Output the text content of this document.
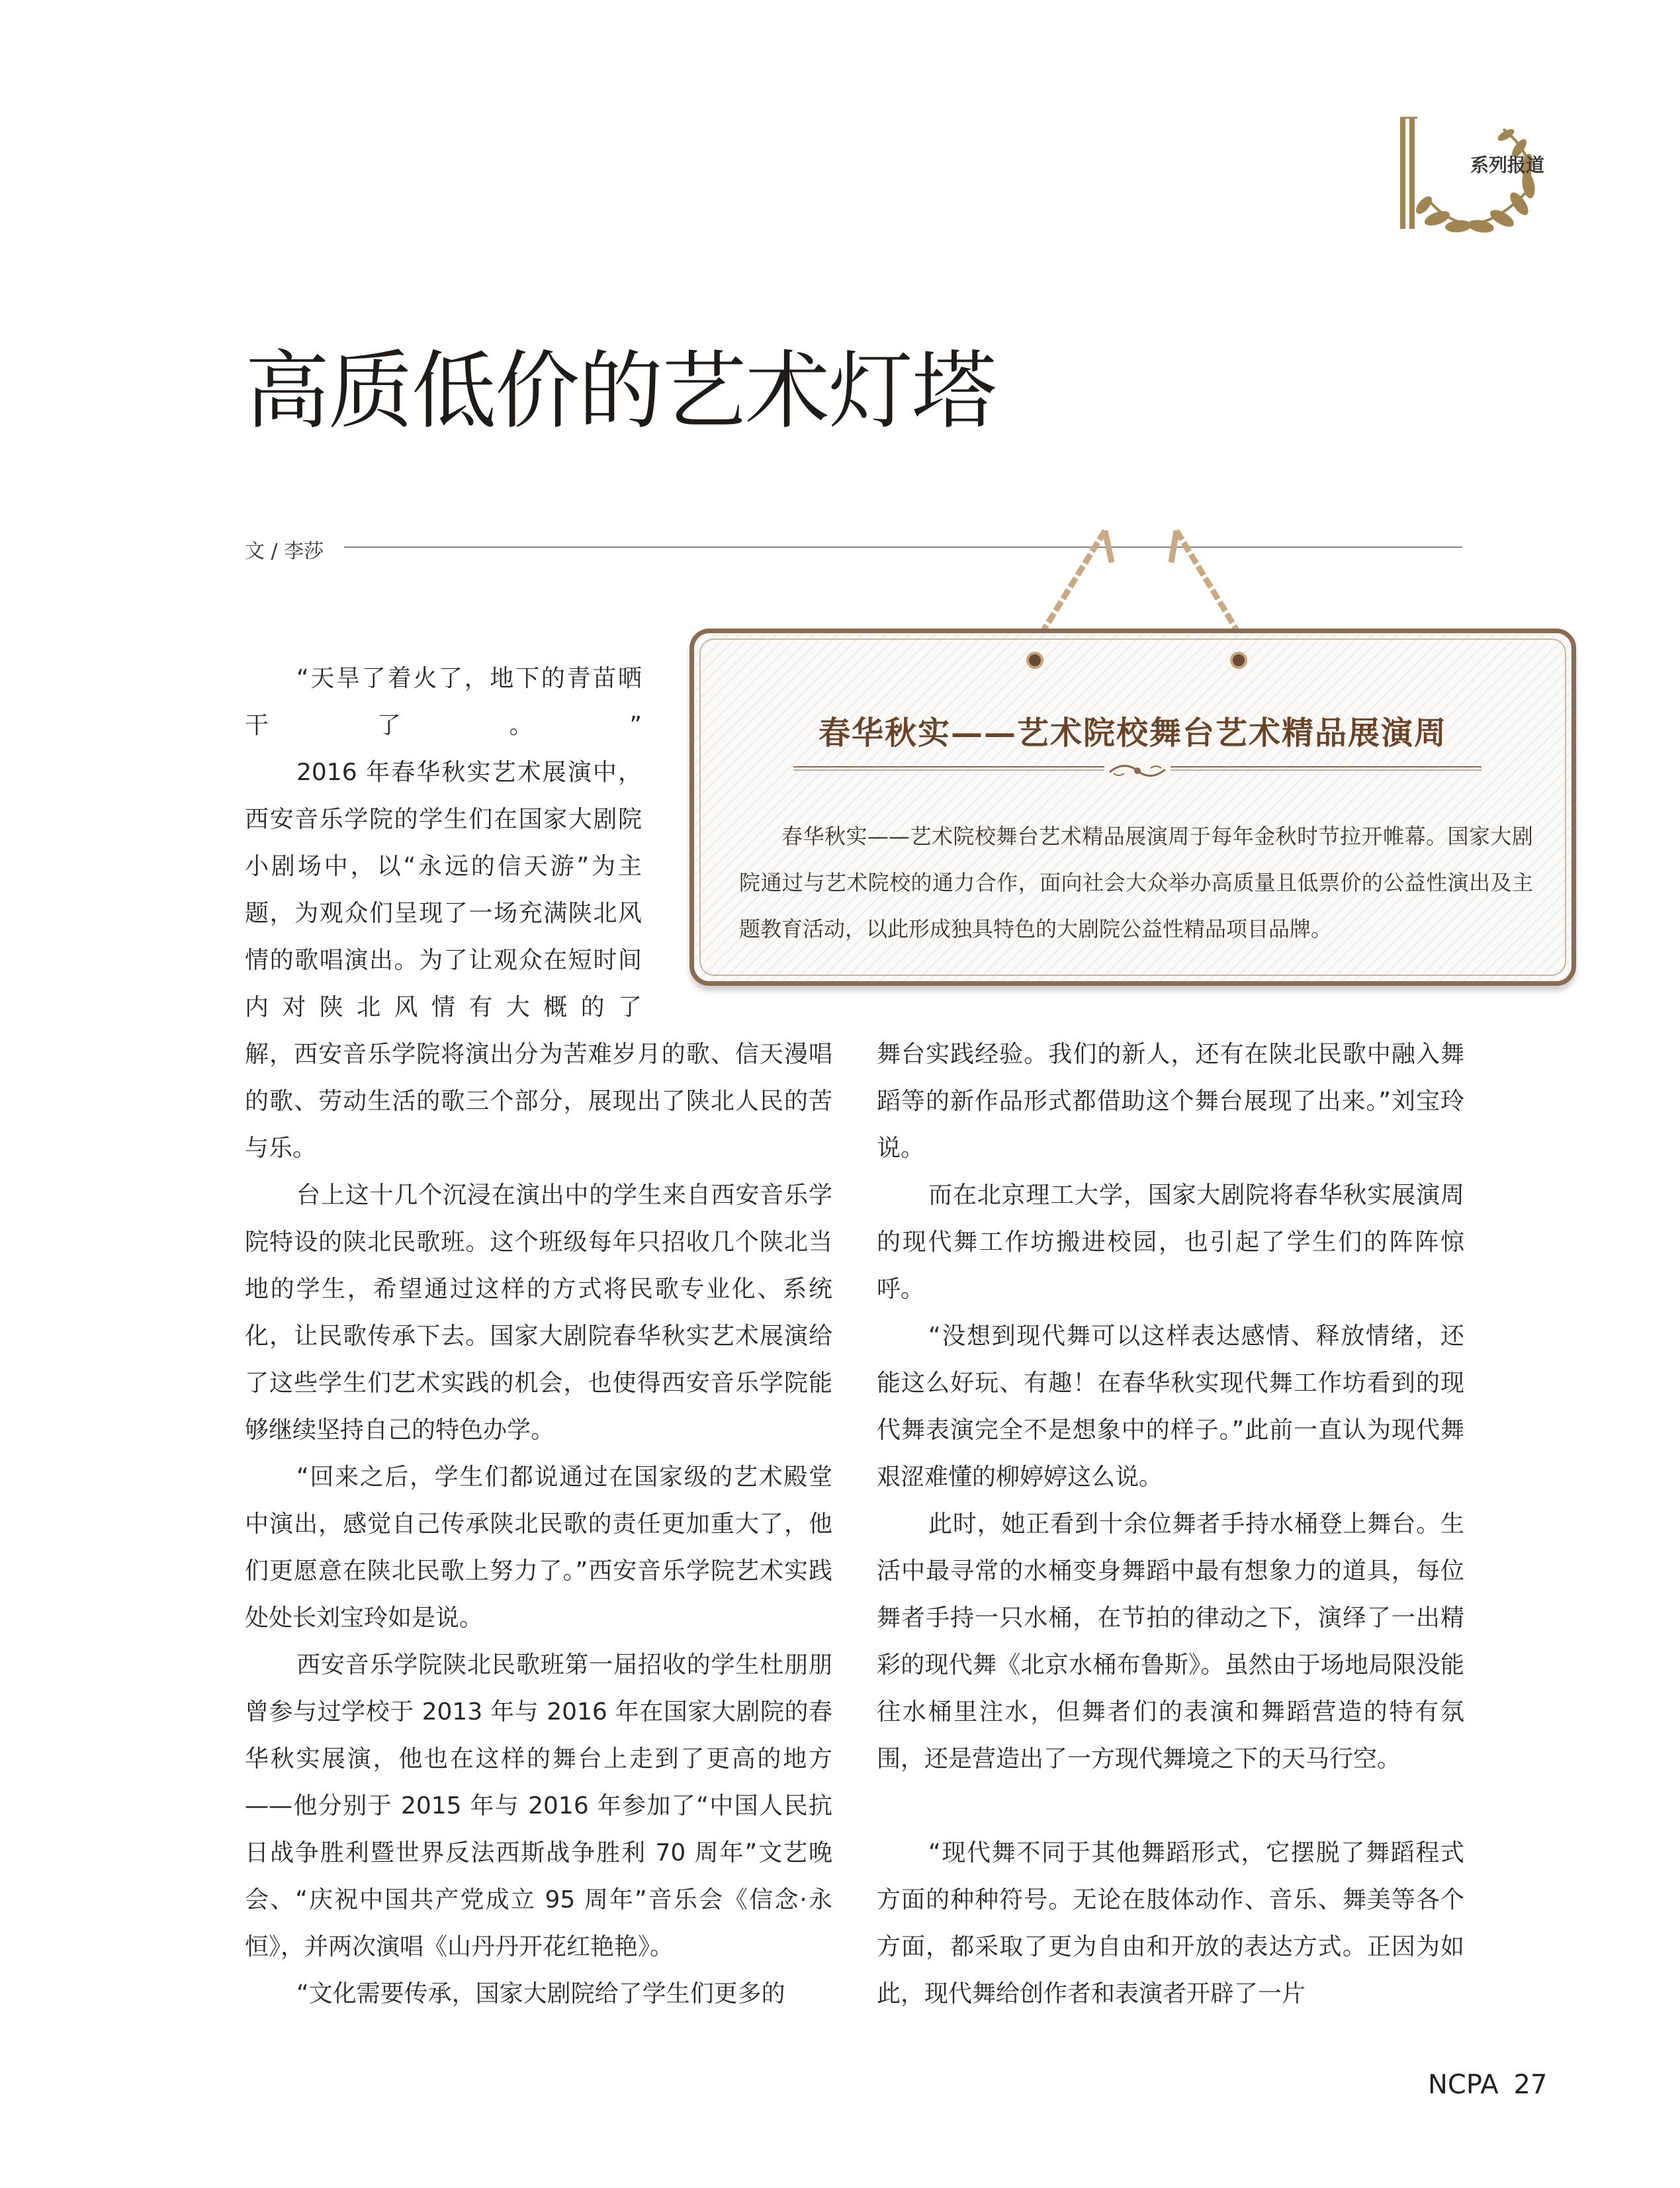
系列报道
高质低价的艺术灯塔
文 / 李莎
春华秋实——艺术院校舞台艺术精品展演周

春华秋实——艺术院校舞台艺术精品展演周于每年金秋时节拉开帷幕。国家大剧院通过与艺术院校的通力合作，面向社会大众举办高质量且低票价的公益性演出及主题教育活动，以此形成独具特色的大剧院公益性精品项目品牌。

“天旱了着火了，地下的青苗晒干了。”

2016 年春华秋实艺术展演中，西安音乐学院的学生们在国家大剧院小剧场中，以“永远的信天游”为主题，为观众们呈现了一场充满陕北风情的歌唱演出。为了让观众在短时间内对陕北风情有大概的了

解，西安音乐学院将演出分为苦难岁月的歌、信天漫唱的歌、劳动生活的歌三个部分，展现出了陕北人民的苦与乐。

台上这十几个沉浸在演出中的学生来自西安音乐学院特设的陕北民歌班。这个班级每年只招收几个陕北当地的学生，希望通过这样的方式将民歌专业化、系统化，让民歌传承下去。国家大剧院春华秋实艺术展演给了这些学生们艺术实践的机会，也使得西安音乐学院能够继续坚持自己的特色办学。

“回来之后，学生们都说通过在国家级的艺术殿堂中演出，感觉自己传承陕北民歌的责任更加重大了，他们更愿意在陕北民歌上努力了。”西安音乐学院艺术实践处处长刘宝玲如是说。

西安音乐学院陕北民歌班第一届招收的学生杜朋朋曾参与过学校于 2013 年与 2016 年在国家大剧院的春华秋实展演，他也在这样的舞台上走到了更高的地方——他分别于 2015 年与 2016 年参加了“中国人民抗日战争胜利暨世界反法西斯战争胜利 70 周年”文艺晚会、“庆祝中国共产党成立 95 周年”音乐会《信念·永恒》，并两次演唱《山丹丹开花红艳艳》。

“文化需要传承，国家大剧院给了学生们更多的

舞台实践经验。我们的新人，还有在陕北民歌中融入舞蹈等的新作品形式都借助这个舞台展现了出来。”刘宝玲说。

而在北京理工大学，国家大剧院将春华秋实展演周的现代舞工作坊搬进校园，也引起了学生们的阵阵惊呼。

“没想到现代舞可以这样表达感情、释放情绪，还能这么好玩、有趣！在春华秋实现代舞工作坊看到的现代舞表演完全不是想象中的样子。”此前一直认为现代舞艰涩难懂的柳婷婷这么说。

此时，她正看到十余位舞者手持水桶登上舞台。生活中最寻常的水桶变身舞蹈中最有想象力的道具，每位舞者手持一只水桶，在节拍的律动之下，演绎了一出精彩的现代舞《北京水桶布鲁斯》。虽然由于场地局限没能往水桶里注水，但舞者们的表演和舞蹈营造的特有氛围，还是营造出了一方现代舞境之下的天马行空。

“现代舞不同于其他舞蹈形式，它摆脱了舞蹈程式方面的种种符号。无论在肢体动作、音乐、舞美等各个方面，都采取了更为自由和开放的表达方式。正因为如此，现代舞给创作者和表演者开辟了一片

NCPA 27
